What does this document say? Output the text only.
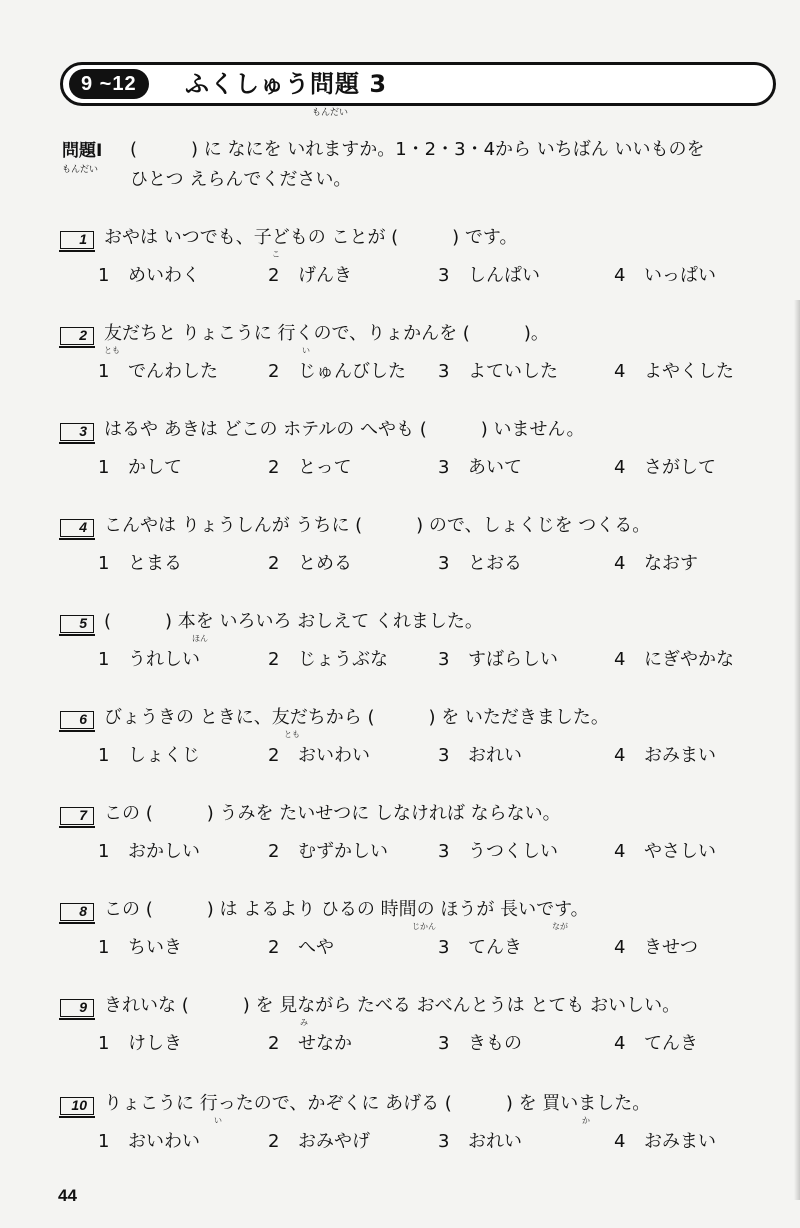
9 ~12	ふくしゅう問題 3
もんだい
問題I
もんだい
(　　　) に なにを いれますか。1・2・3・4から いちばん いいものを
ひとつ えらんでください。
1 おやは いつでも、子どもの ことが (　　　) です。
こ
1 めいわく	2 げんき	3 しんぱい	4 いっぱい
2 友だちと りょこうに 行くので、りょかんを (　　　)。
とも	い
1 でんわした	2 じゅんびした 3 よていした	4 よやくした
3 はるや あきは どこの ホテルの へやも (　　　) いません。
1 かして	2 とって	3 あいて	4 さがして
4 こんやは りょうしんが うちに (　　　) ので、しょくじを つくる。
1 とまる	2 とめる	3 とおる	4 なおす
5 (　　　) 本を いろいろ おしえて くれました。
ほん
1 うれしい	2 じょうぶな	3 すばらしい	4 にぎやかな
6 びょうきの ときに、友だちから (　　　) を いただきました。
とも
1 しょくじ	2 おいわい	3 おれい	4 おみまい
7 この (　　　) うみを たいせつに しなければ ならない。
1 おかしい	2 むずかしい	3 うつくしい	4 やさしい
8 この (　　　) は よるより ひるの 時間の ほうが 長いです。
じかん	なが
1 ちいき	2 へや	3 てんき	4 きせつ
9 きれいな (　　　) を 見ながら たべる おべんとうは とても おいしい。
み
1 けしき	2 せなか	3 きもの	4 てんき
10 りょこうに 行ったので、かぞくに あげる (　　　) を 買いました。
い	か
1 おいわい	2 おみやげ	3 おれい	4 おみまい
44
